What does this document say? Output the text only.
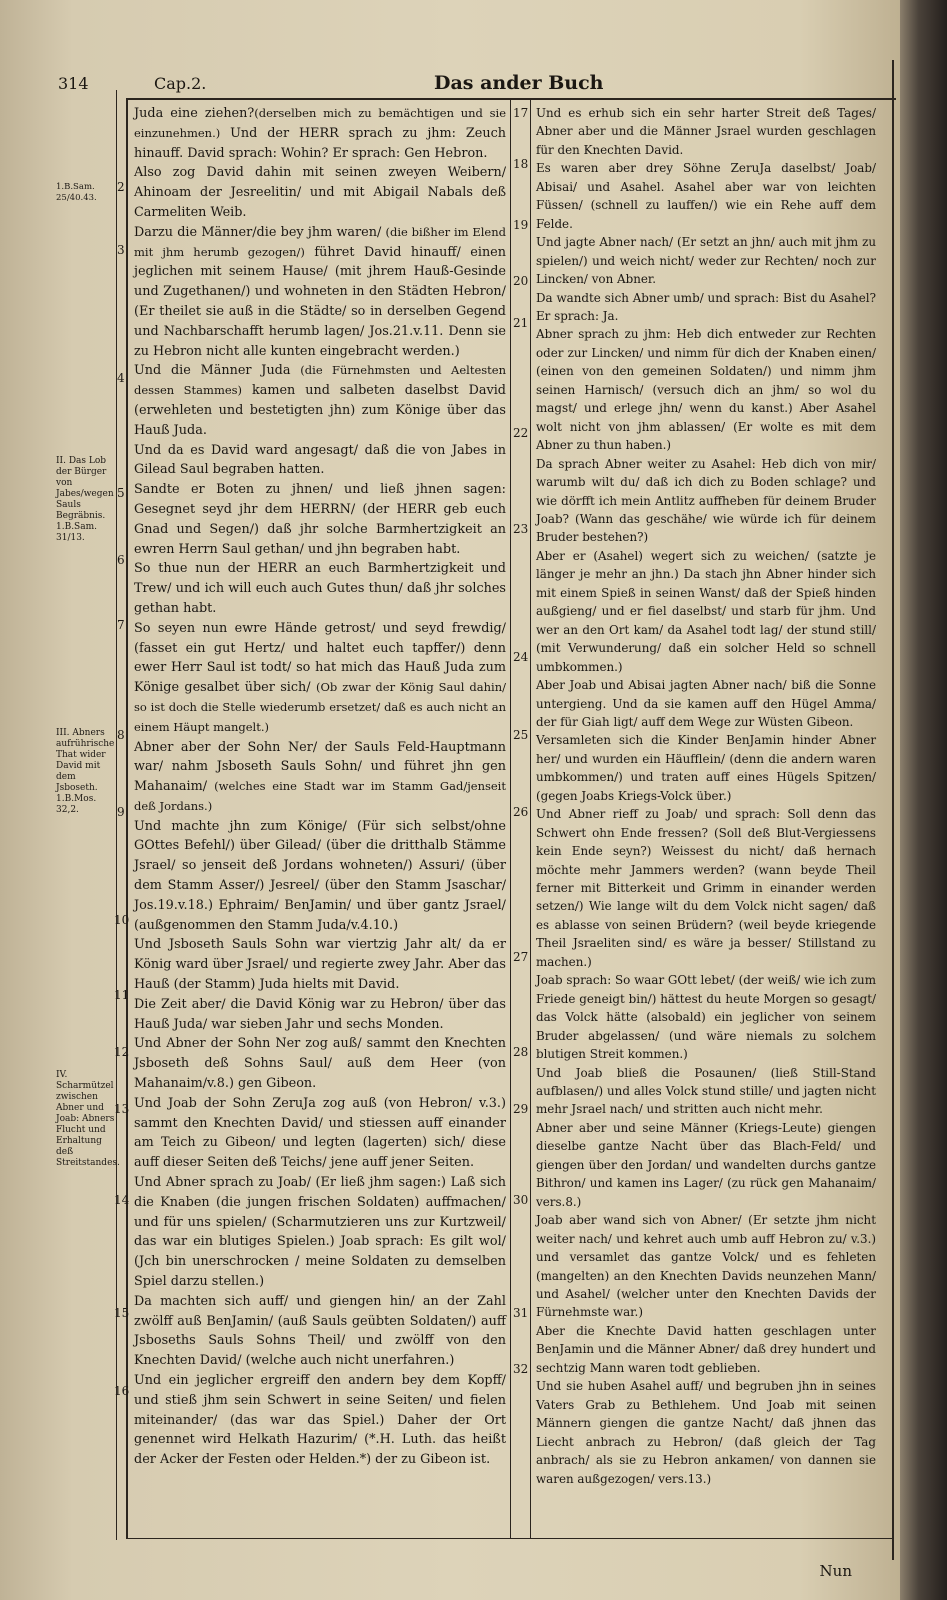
314	Cap.2.	Das ander Buch
1.B.Sam. 25/40.43.
II. Das Lob der Bürger von Jabes/wegen Sauls Begräbnis. 1.B.Sam. 31/13.
III. Abners aufrührische That wider David mit dem Jsboseth. 1.B.Mos. 32,2.
IV. Scharmützel zwischen Abner und Joab: Abners Flucht und Erhaltung deß Streitstandes.
2
3
4
5
6
7
8
9
10
11
12
13
14
15
16
17
18
19
20
21
22
23
24
25
26
27
28
29
30
31
32

Juda eine ziehen?(derselben mich zu bemächtigen und sie einzunehmen.) Und der HERR sprach zu jhm: Zeuch hinauff. David sprach: Wohin? Er sprach: Gen Hebron.

Also zog David dahin mit seinen zweyen Weibern/ Ahinoam der Jesreelitin/ und mit Abigail Nabals deß Carmeliten Weib.

Darzu die Männer/die bey jhm waren/ (die bißher im Elend mit jhm herumb gezogen/) führet David hinauff/ einen jeglichen mit seinem Hause/ (mit jhrem Hauß-Gesinde und Zugethanen/) und wohneten in den Städten Hebron/ (Er theilet sie auß in die Städte/ so in derselben Gegend und Nachbarschafft herumb lagen/ Jos.21.v.11. Denn sie zu Hebron nicht alle kunten eingebracht werden.)

Und die Männer Juda (die Fürnehmsten und Aeltesten dessen Stammes) kamen und salbeten daselbst David (erwehleten und bestetigten jhn) zum Könige über das Hauß Juda.

Und da es David ward angesagt/ daß die von Jabes in Gilead Saul begraben hatten.

Sandte er Boten zu jhnen/ und ließ jhnen sagen: Gesegnet seyd jhr dem HERRN/ (der HERR geb euch Gnad und Segen/) daß jhr solche Barmhertzigkeit an ewren Herrn Saul gethan/ und jhn begraben habt.

So thue nun der HERR an euch Barmhertzigkeit und Trew/ und ich will euch auch Gutes thun/ daß jhr solches gethan habt.

So seyen nun ewre Hände getrost/ und seyd frewdig/ (fasset ein gut Hertz/ und haltet euch tapffer/) denn ewer Herr Saul ist todt/ so hat mich das Hauß Juda zum Könige gesalbet über sich/ (Ob zwar der König Saul dahin/ so ist doch die Stelle wiederumb ersetzet/ daß es auch nicht an einem Häupt mangelt.)

Abner aber der Sohn Ner/ der Sauls Feld-Hauptmann war/ nahm Jsboseth Sauls Sohn/ und führet jhn gen Mahanaim/ (welches eine Stadt war im Stamm Gad/jenseit deß Jordans.)

Und machte jhn zum Könige/ (Für sich selbst/ohne GOttes Befehl/) über Gilead/ (über die dritthalb Stämme Jsrael/ so jenseit deß Jordans wohneten/) Assuri/ (über dem Stamm Asser/) Jesreel/ (über den Stamm Jsaschar/ Jos.19.v.18.) Ephraim/ BenJamin/ und über gantz Jsrael/ (außgenommen den Stamm Juda/v.4.10.)

Und Jsboseth Sauls Sohn war viertzig Jahr alt/ da er König ward über Jsrael/ und regierte zwey Jahr. Aber das Hauß (der Stamm) Juda hielts mit David.

Die Zeit aber/ die David König war zu Hebron/ über das Hauß Juda/ war sieben Jahr und sechs Monden.

Und Abner der Sohn Ner zog auß/ sammt den Knechten Jsboseth deß Sohns Saul/ auß dem Heer (von Mahanaim/v.8.) gen Gibeon.

Und Joab der Sohn ZeruJa zog auß (von Hebron/ v.3.) sammt den Knechten David/ und stiessen auff einander am Teich zu Gibeon/ und legten (lagerten) sich/ diese auff dieser Seiten deß Teichs/ jene auff jener Seiten.

Und Abner sprach zu Joab/ (Er ließ jhm sagen:) Laß sich die Knaben (die jungen frischen Soldaten) auffmachen/ und für uns spielen/ (Scharmutzieren uns zur Kurtzweil/ das war ein blutiges Spielen.) Joab sprach: Es gilt wol/ (Jch bin unerschrocken / meine Soldaten zu demselben Spiel darzu stellen.)

Da machten sich auff/ und giengen hin/ an der Zahl zwölff auß BenJamin/ (auß Sauls geübten Soldaten/) auff Jsboseths Sauls Sohns Theil/ und zwölff von den Knechten David/ (welche auch nicht unerfahren.)

Und ein jeglicher ergreiff den andern bey dem Kopff/ und stieß jhm sein Schwert in seine Seiten/ und fielen miteinander/ (das war das Spiel.) Daher der Ort genennet wird Helkath Hazurim/ (*.H. Luth. das heißt der Acker der Festen oder Helden.*) der zu Gibeon ist.

Und es erhub sich ein sehr harter Streit deß Tages/ Abner aber und die Männer Jsrael wurden geschlagen für den Knechten David.

Es waren aber drey Söhne ZeruJa daselbst/ Joab/ Abisai/ und Asahel. Asahel aber war von leichten Füssen/ (schnell zu lauffen/) wie ein Rehe auff dem Felde.

Und jagte Abner nach/ (Er setzt an jhn/ auch mit jhm zu spielen/) und weich nicht/ weder zur Rechten/ noch zur Lincken/ von Abner.

Da wandte sich Abner umb/ und sprach: Bist du Asahel? Er sprach: Ja.

Abner sprach zu jhm: Heb dich entweder zur Rechten oder zur Lincken/ und nimm für dich der Knaben einen/ (einen von den gemeinen Soldaten/) und nimm jhm seinen Harnisch/ (versuch dich an jhm/ so wol du magst/ und erlege jhn/ wenn du kanst.) Aber Asahel wolt nicht von jhm ablassen/ (Er wolte es mit dem Abner zu thun haben.)

Da sprach Abner weiter zu Asahel: Heb dich von mir/ warumb wilt du/ daß ich dich zu Boden schlage? und wie dörfft ich mein Antlitz auffheben für deinem Bruder Joab? (Wann das geschähe/ wie würde ich für deinem Bruder bestehen?)

Aber er (Asahel) wegert sich zu weichen/ (satzte je länger je mehr an jhn.) Da stach jhn Abner hinder sich mit einem Spieß in seinen Wanst/ daß der Spieß hinden außgieng/ und er fiel daselbst/ und starb für jhm. Und wer an den Ort kam/ da Asahel todt lag/ der stund still/ (mit Verwunderung/ daß ein solcher Held so schnell umbkommen.)

Aber Joab und Abisai jagten Abner nach/ biß die Sonne untergieng. Und da sie kamen auff den Hügel Amma/ der für Giah ligt/ auff dem Wege zur Wüsten Gibeon.

Versamleten sich die Kinder BenJamin hinder Abner her/ und wurden ein Häufflein/ (denn die andern waren umbkommen/) und traten auff eines Hügels Spitzen/ (gegen Joabs Kriegs-Volck über.)

Und Abner rieff zu Joab/ und sprach: Soll denn das Schwert ohn Ende fressen? (Soll deß Blut-Vergiessens kein Ende seyn?) Weissest du nicht/ daß hernach möchte mehr Jammers werden? (wann beyde Theil ferner mit Bitterkeit und Grimm in einander werden setzen/) Wie lange wilt du dem Volck nicht sagen/ daß es ablasse von seinen Brüdern? (weil beyde kriegende Theil Jsraeliten sind/ es wäre ja besser/ Stillstand zu machen.)

Joab sprach: So waar GOtt lebet/ (der weiß/ wie ich zum Friede geneigt bin/) hättest du heute Morgen so gesagt/ das Volck hätte (alsobald) ein jeglicher von seinem Bruder abgelassen/ (und wäre niemals zu solchem blutigen Streit kommen.)

Und Joab bließ die Posaunen/ (ließ Still-Stand aufblasen/) und alles Volck stund stille/ und jagten nicht mehr Jsrael nach/ und stritten auch nicht mehr.

Abner aber und seine Männer (Kriegs-Leute) giengen dieselbe gantze Nacht über das Blach-Feld/ und giengen über den Jordan/ und wandelten durchs gantze Bithron/ und kamen ins Lager/ (zu rück gen Mahanaim/ vers.8.)

Joab aber wand sich von Abner/ (Er setzte jhm nicht weiter nach/ und kehret auch umb auff Hebron zu/ v.3.) und versamlet das gantze Volck/ und es fehleten (mangelten) an den Knechten Davids neunzehen Mann/ und Asahel/ (welcher unter den Knechten Davids der Fürnehmste war.)

Aber die Knechte David hatten geschlagen unter BenJamin und die Männer Abner/ daß drey hundert und sechtzig Mann waren todt geblieben.

Und sie huben Asahel auff/ und begruben jhn in seines Vaters Grab zu Bethlehem. Und Joab mit seinen Männern giengen die gantze Nacht/ daß jhnen das Liecht anbrach zu Hebron/ (daß gleich der Tag anbrach/ als sie zu Hebron ankamen/ von dannen sie waren außgezogen/ vers.13.)

Nun
